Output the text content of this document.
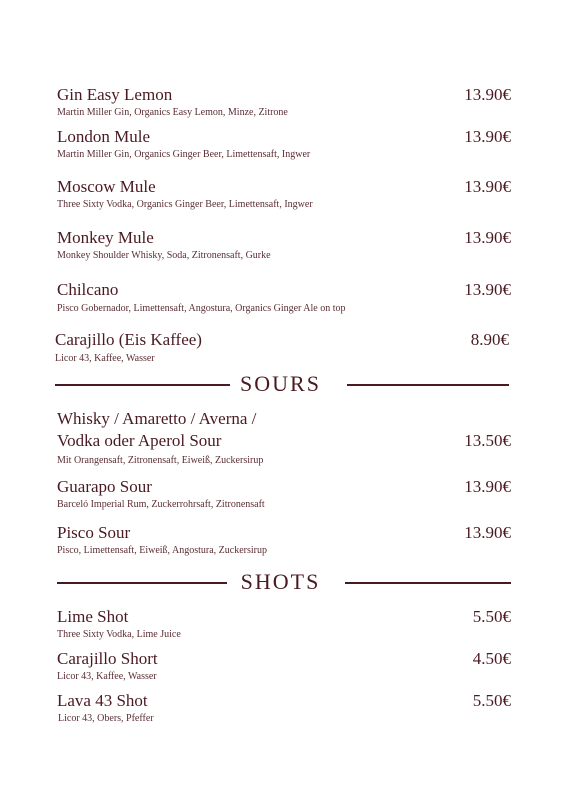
Gin Easy Lemon
Martin Miller Gin, Organics Easy Lemon, Minze, Zitrone
13.90€
London Mule
Martin Miller Gin, Organics Ginger Beer, Limettensaft, Ingwer
13.90€
Moscow Mule
Three Sixty Vodka, Organics Ginger Beer, Limettensaft, Ingwer
13.90€
Monkey Mule
Monkey Shoulder Whisky, Soda, Zitronensaft, Gurke
13.90€
Chilcano
Pisco Gobernador, Limettensaft, Angostura, Organics Ginger Ale on top
13.90€
Carajillo (Eis Kaffee)
Licor 43, Kaffee, Wasser
8.90€
SOURS
Whisky / Amaretto / Averna /
Vodka oder Aperol Sour
Mit Orangensaft, Zitronensaft, Eiweiß, Zuckersirup
13.50€
Guarapo Sour
Barceló Imperial Rum, Zuckerrohrsaft, Zitronensaft
13.90€
Pisco Sour
Pisco, Limettensaft, Eiweiß, Angostura, Zuckersirup
13.90€
SHOTS
Lime Shot
Three Sixty Vodka, Lime Juice
5.50€
Carajillo Short
Licor 43, Kaffee, Wasser
4.50€
Lava 43 Shot
Licor 43, Obers, Pfeffer
5.50€
